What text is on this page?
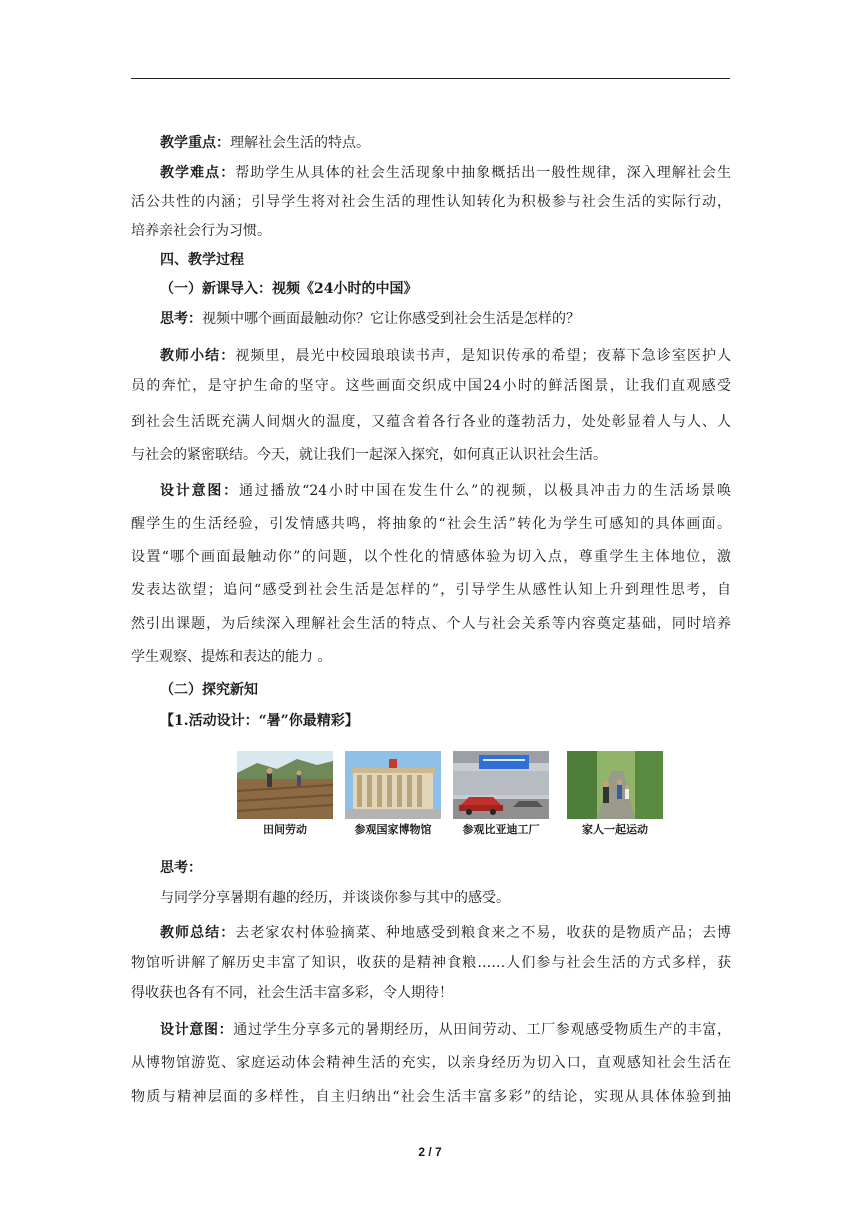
教学重点：理解社会生活的特点。
教学难点：帮助学生从具体的社会生活现象中抽象概括出一般性规律，深入理解社会生
活公共性的内涵；引导学生将对社会生活的理性认知转化为积极参与社会生活的实际行动，
培养亲社会行为习惯。
四、教学过程
（一）新课导入：视频《24小时的中国》
思考：视频中哪个画面最触动你？它让你感受到社会生活是怎样的？
教师小结：视频里，晨光中校园琅琅读书声，是知识传承的希望；夜幕下急诊室医护人
员的奔忙，是守护生命的坚守。这些画面交织成中国24小时的鲜活图景，让我们直观感受
到社会生活既充满人间烟火的温度，又蕴含着各行各业的蓬勃活力，处处彰显着人与人、人
与社会的紧密联结。今天，就让我们一起深入探究，如何真正认识社会生活。
设计意图：通过播放“24小时中国在发生什么”的视频，以极具冲击力的生活场景唤
醒学生的生活经验，引发情感共鸣，将抽象的“社会生活”转化为学生可感知的具体画面。
设置“哪个画面最触动你”的问题，以个性化的情感体验为切入点，尊重学生主体地位，激
发表达欲望；追问“感受到社会生活是怎样的”，引导学生从感性认知上升到理性思考，自
然引出课题，为后续深入理解社会生活的特点、个人与社会关系等内容奠定基础，同时培养
学生观察、提炼和表达的能力 。
（二）探究新知
【1.活动设计：“暑”你最精彩】
田间劳动	参观国家博物馆	参观比亚迪工厂	家人一起运动
思考：
与同学分享暑期有趣的经历，并谈谈你参与其中的感受。
教师总结：去老家农村体验摘菜、种地感受到粮食来之不易，收获的是物质产品；去博
物馆听讲解了解历史丰富了知识，收获的是精神食粮……人们参与社会生活的方式多样，获
得收获也各有不同，社会生活丰富多彩，令人期待！
设计意图：通过学生分享多元的暑期经历，从田间劳动、工厂参观感受物质生产的丰富，
从博物馆游览、家庭运动体会精神生活的充实，以亲身经历为切入口，直观感知社会生活在
物质与精神层面的多样性，自主归纳出“社会生活丰富多彩”的结论，实现从具体体验到抽
2 / 7
